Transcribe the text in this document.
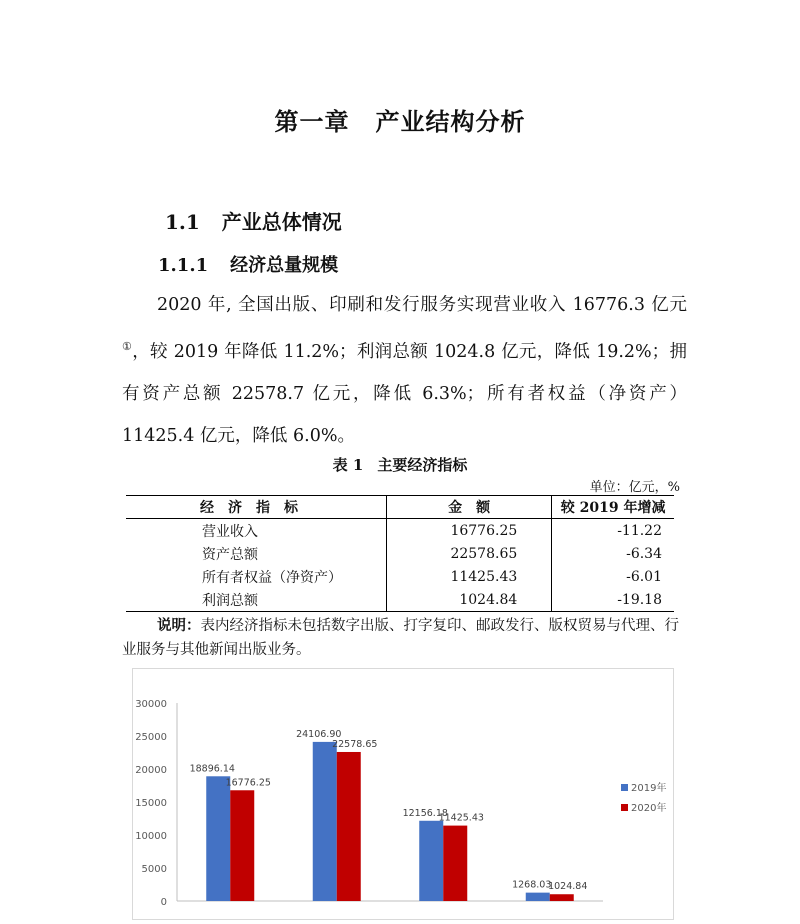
第一章 产业结构分析
1.1 产业总体情况
1.1.1 经济总量规模
2020 年, 全国出版、印刷和发行服务实现营业收入 16776.3 亿元①，较 2019 年降低 11.2%；利润总额 1024.8 亿元，降低 19.2%；拥有资产总额 22578.7 亿元，降低 6.3%；所有者权益（净资产）11425.4 亿元，降低 6.0%。
表 1 主要经济指标
单位：亿元，%
经济指标	金　额	较 2019 年增减
营业收入	16776.25	-11.22
资产总额	22578.65	-6.34
所有者权益（净资产）	11425.43	-6.01
利润总额	1024.84	-19.18
说明：表内经济指标未包括数字出版、打字复印、邮政发行、版权贸易与代理、行业服务与其他新闻出版业务。
0
5000
10000
15000
20000
25000
30000
18896.14
16776.25
24106.90
22578.65
12156.18
11425.43
1268.03
1024.84
2019年
2020年
